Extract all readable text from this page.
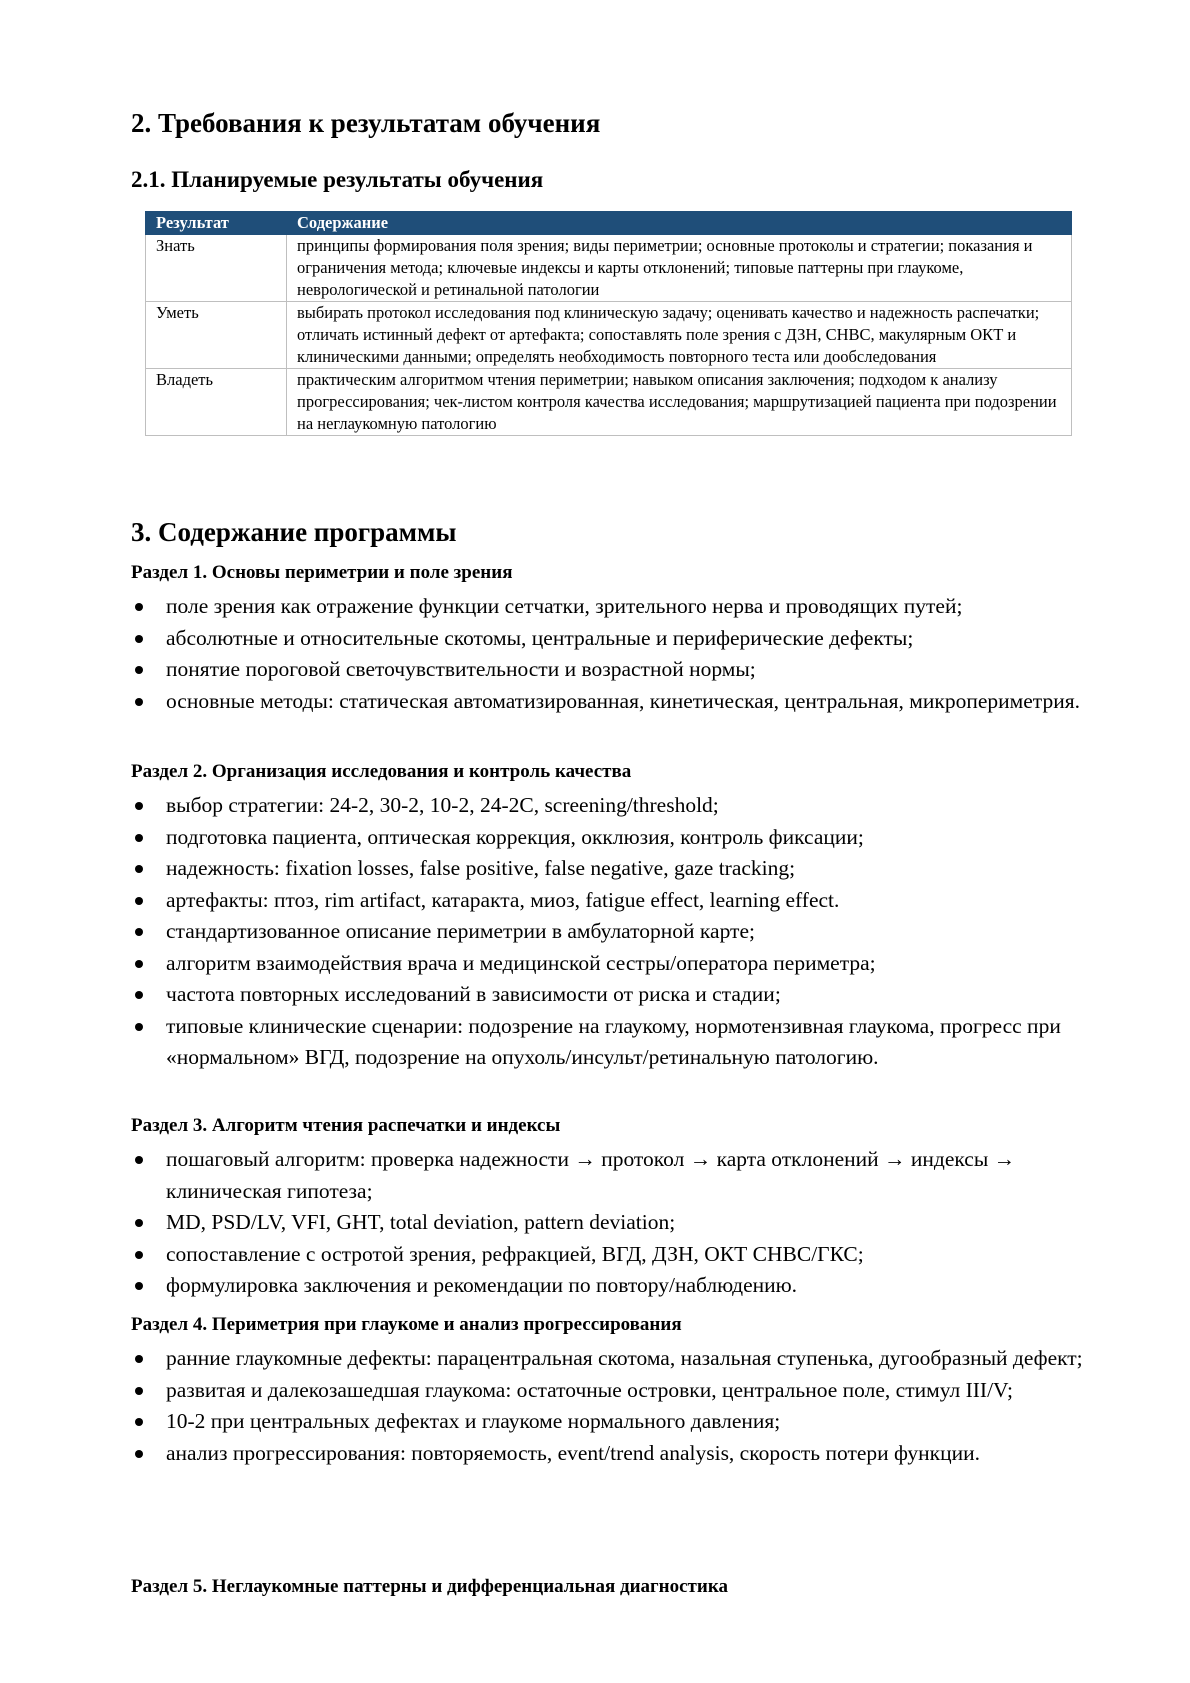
2. Требования к результатам обучения
2.1. Планируемые результаты обучения
Результат	Содержание
Знать	принципы формирования поля зрения; виды периметрии; основные протоколы и стратегии; показания и ограничения метода; ключевые индексы и карты отклонений; типовые паттерны при глаукоме, неврологической и ретинальной патологии
Уметь	выбирать протокол исследования под клиническую задачу; оценивать качество и надежность распечатки; отличать истинный дефект от артефакта; сопоставлять поле зрения с ДЗН, СНВС, макулярным ОКТ и клиническими данными; определять необходимость повторного теста или дообследования
Владеть	практическим алгоритмом чтения периметрии; навыком описания заключения; подходом к анализу прогрессирования; чек-листом контроля качества исследования; маршрутизацией пациента при подозрении на неглаукомную патологию
3. Содержание программы
Раздел 1. Основы периметрии и поле зрения
поле зрения как отражение функции сетчатки, зрительного нерва и проводящих путей;
абсолютные и относительные скотомы, центральные и периферические дефекты;
понятие пороговой светочувствительности и возрастной нормы;
основные методы: статическая автоматизированная, кинетическая, центральная, микропериметрия.
Раздел 2. Организация исследования и контроль качества
выбор стратегии: 24-2, 30-2, 10-2, 24-2C, screening/threshold;
подготовка пациента, оптическая коррекция, окклюзия, контроль фиксации;
надежность: fixation losses, false positive, false negative, gaze tracking;
артефакты: птоз, rim artifact, катаракта, миоз, fatigue effect, learning effect.
стандартизованное описание периметрии в амбулаторной карте;
алгоритм взаимодействия врача и медицинской сестры/оператора периметра;
частота повторных исследований в зависимости от риска и стадии;
типовые клинические сценарии: подозрение на глаукому, нормотензивная глаукома, прогресс при «нормальном» ВГД, подозрение на опухоль/инсульт/ретинальную патологию.
Раздел 3. Алгоритм чтения распечатки и индексы
пошаговый алгоритм: проверка надежности → протокол → карта отклонений → индексы → клиническая гипотеза;
MD, PSD/LV, VFI, GHT, total deviation, pattern deviation;
сопоставление с остротой зрения, рефракцией, ВГД, ДЗН, ОКТ СНВС/ГКС;
формулировка заключения и рекомендации по повтору/наблюдению.
Раздел 4. Периметрия при глаукоме и анализ прогрессирования
ранние глаукомные дефекты: парацентральная скотома, назальная ступенька, дугообразный дефект;
развитая и далекозашедшая глаукома: остаточные островки, центральное поле, стимул III/V;
10-2 при центральных дефектах и глаукоме нормального давления;
анализ прогрессирования: повторяемость, event/trend analysis, скорость потери функции.
Раздел 5. Неглаукомные паттерны и дифференциальная диагностика
